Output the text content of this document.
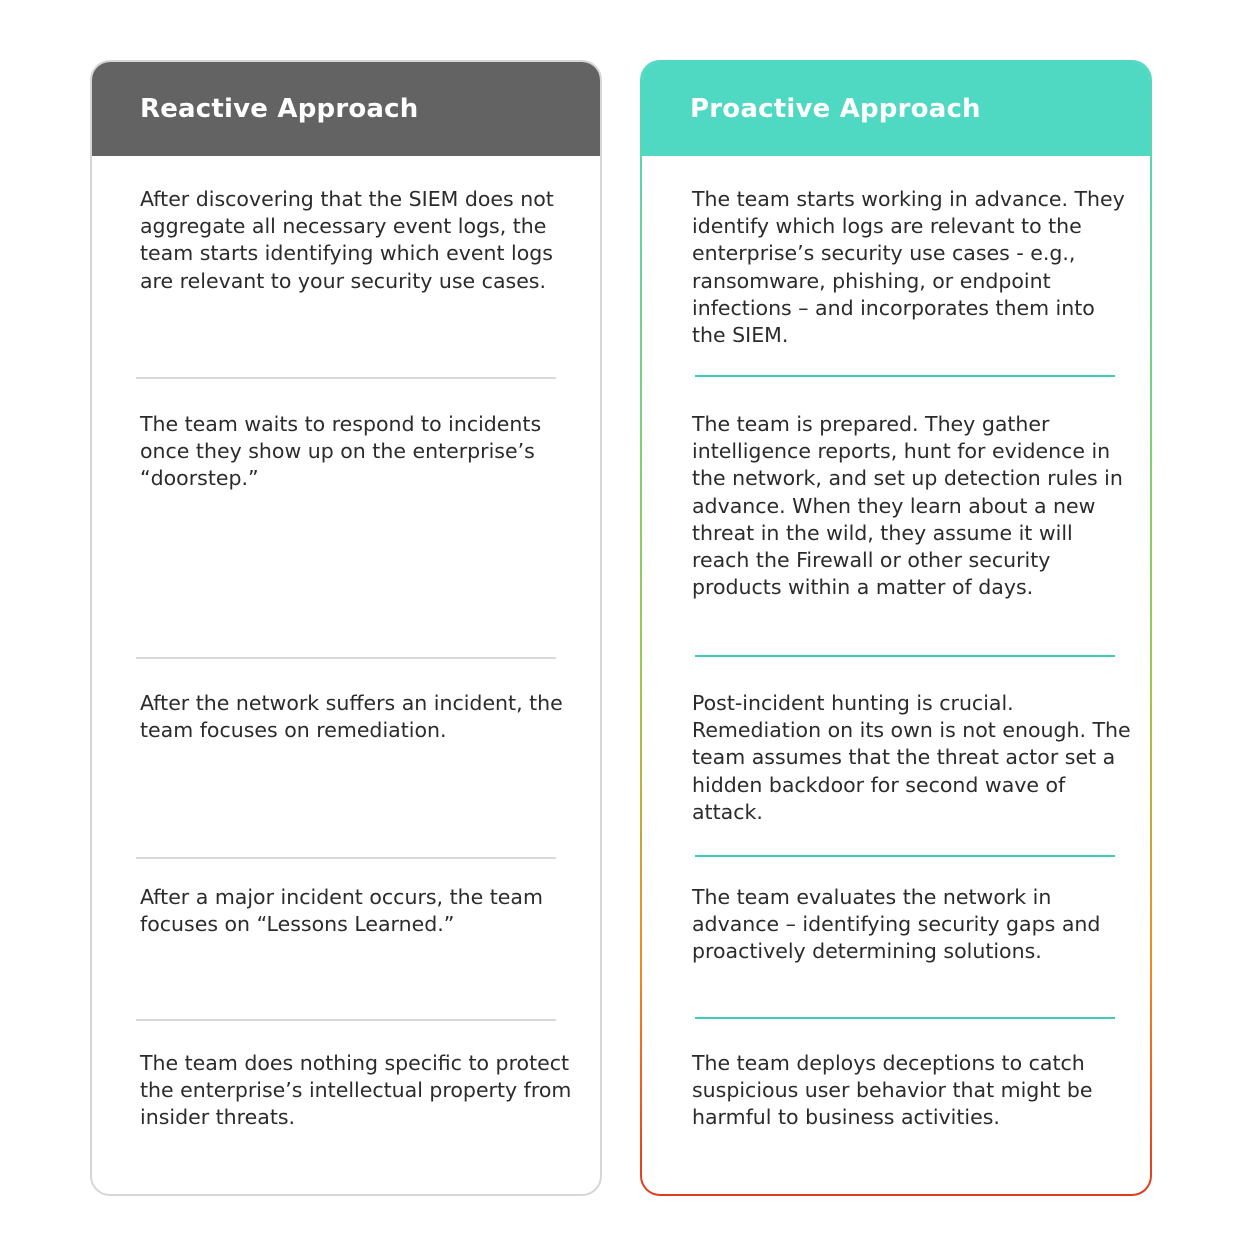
Reactive Approach
After discovering that the SIEM does not aggregate all necessary event logs, the team starts identifying which event logs are relevant to your security use cases.
The team waits to respond to incidents once they show up on the enterprise’s “doorstep.”
After the network suffers an incident, the team focuses on remediation.
After a major incident occurs, the team focuses on “Lessons Learned.”
The team does nothing specific to protect the enterprise’s intellectual property from insider threats.
Proactive Approach
The team starts working in advance. They identify which logs are relevant to the enterprise’s security use cases - e.g., ransomware, phishing, or endpoint infections – and incorporates them into the SIEM.
The team is prepared. They gather intelligence reports, hunt for evidence in the network, and set up detection rules in advance. When they learn about a new threat in the wild, they assume it will reach the Firewall or other security products within a matter of days.
Post-incident hunting is crucial. Remediation on its own is not enough. The team assumes that the threat actor set a hidden backdoor for second wave of attack.
The team evaluates the network in advance – identifying security gaps and proactively determining solutions.
The team deploys deceptions to catch suspicious user behavior that might be harmful to business activities.
